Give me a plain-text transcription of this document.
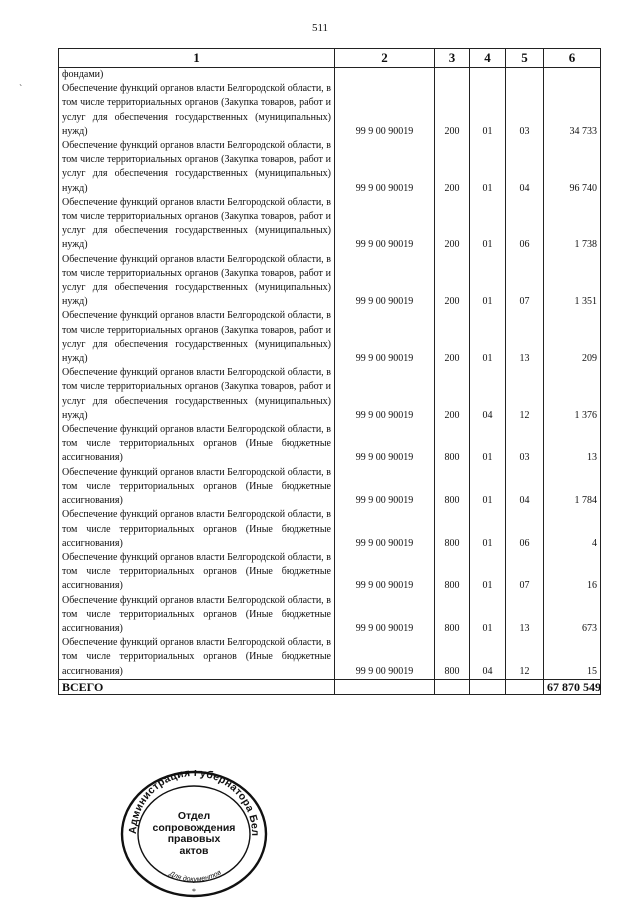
511
`
1	2	3	4	5	6
фондами)					
Обеспечение функций органов власти Белгородской области, в том числе территориальных органов (Закупка товаров, работ и услуг для обеспечения государственных (муниципальных) нужд)	99 9 00 90019	200	01	03	34 733
Обеспечение функций органов власти Белгородской области, в том числе территориальных органов (Закупка товаров, работ и услуг для обеспечения государственных (муниципальных) нужд)	99 9 00 90019	200	01	04	96 740
Обеспечение функций органов власти Белгородской области, в том числе территориальных органов (Закупка товаров, работ и услуг для обеспечения государственных (муниципальных) нужд)	99 9 00 90019	200	01	06	1 738
Обеспечение функций органов власти Белгородской области, в том числе территориальных органов (Закупка товаров, работ и услуг для обеспечения государственных (муниципальных) нужд)	99 9 00 90019	200	01	07	1 351
Обеспечение функций органов власти Белгородской области, в том числе территориальных органов (Закупка товаров, работ и услуг для обеспечения государственных (муниципальных) нужд)	99 9 00 90019	200	01	13	209
Обеспечение функций органов власти Белгородской области, в том числе территориальных органов (Закупка товаров, работ и услуг для обеспечения государственных (муниципальных) нужд)	99 9 00 90019	200	04	12	1 376
Обеспечение функций органов власти Белгородской области, в том числе территориальных органов (Иные бюджетные ассигнования)	99 9 00 90019	800	01	03	13
Обеспечение функций органов власти Белгородской области, в том числе территориальных органов (Иные бюджетные ассигнования)	99 9 00 90019	800	01	04	1 784
Обеспечение функций органов власти Белгородской области, в том числе территориальных органов (Иные бюджетные ассигнования)	99 9 00 90019	800	01	06	4
Обеспечение функций органов власти Белгородской области, в том числе территориальных органов (Иные бюджетные ассигнования)	99 9 00 90019	800	01	07	16
Обеспечение функций органов власти Белгородской области, в том числе территориальных органов (Иные бюджетные ассигнования)	99 9 00 90019	800	01	13	673
Обеспечение функций органов власти Белгородской области, в том числе территориальных органов (Иные бюджетные ассигнования)	99 9 00 90019	800	04	12	15
ВСЕГО					67 870 549
Администрация Губернатора Бел
Для документов
*
Отдел
сопровождения
правовых
актов
